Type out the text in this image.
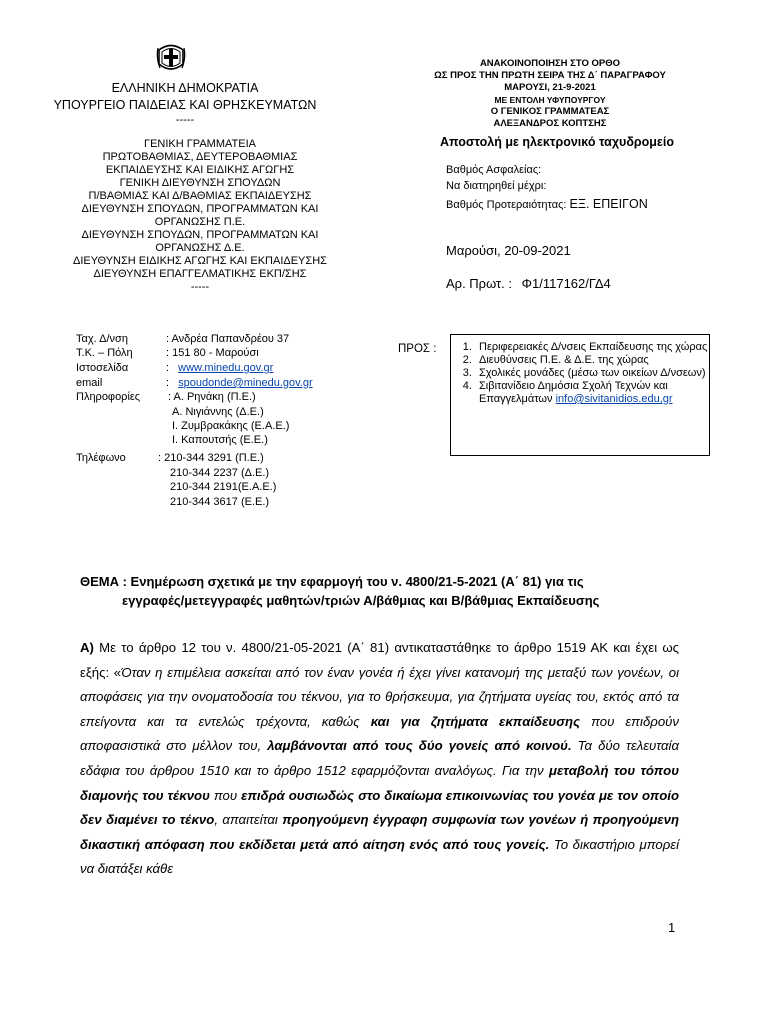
ΕΛΛΗΝΙΚΗ ΔΗΜΟΚΡΑΤΙΑ
ΥΠΟΥΡΓΕΙΟ ΠΑΙΔΕΙΑΣ ΚΑΙ ΘΡΗΣΚΕΥΜΑΤΩΝ
-----
ΓΕΝΙΚΗ ΓΡΑΜΜΑΤΕΙΑ
ΠΡΩΤΟΒΑΘΜΙΑΣ, ΔΕΥΤΕΡΟΒΑΘΜΙΑΣ
ΕΚΠΑΙΔΕΥΣΗΣ ΚΑΙ ΕΙΔΙΚΗΣ ΑΓΩΓΗΣ
ΓΕΝΙΚΗ ΔΙΕΥΘΥΝΣΗ ΣΠΟΥΔΩΝ
Π/ΒΑΘΜΙΑΣ ΚΑΙ Δ/ΒΑΘΜΙΑΣ ΕΚΠΑΙΔΕΥΣΗΣ
ΔΙΕΥΘΥΝΣΗ ΣΠΟΥΔΩΝ, ΠΡΟΓΡΑΜΜΑΤΩΝ ΚΑΙ
ΟΡΓΑΝΩΣΗΣ Π.Ε.
ΔΙΕΥΘΥΝΣΗ ΣΠΟΥΔΩΝ, ΠΡΟΓΡΑΜΜΑΤΩΝ ΚΑΙ
ΟΡΓΑΝΩΣΗΣ Δ.Ε.
ΔΙΕΥΘΥΝΣΗ ΕΙΔΙΚΗΣ ΑΓΩΓΗΣ ΚΑΙ ΕΚΠΑΙΔΕΥΣΗΣ
ΔΙΕΥΘΥΝΣΗ ΕΠΑΓΓΕΛΜΑΤΙΚΗΣ ΕΚΠ/ΣΗΣ
-----
ΑΝΑΚΟΙΝΟΠΟΙΗΣΗ ΣΤΟ ΟΡΘΟ
ΩΣ ΠΡΟΣ ΤΗΝ ΠΡΩΤΗ ΣΕΙΡΑ ΤΗΣ Δ΄ ΠΑΡΑΓΡΑΦΟΥ
ΜΑΡΟΥΣΙ, 21-9-2021
ΜΕ ΕΝΤΟΛΗ ΥΦΥΠΟΥΡΓΟΥ
Ο ΓΕΝΙΚΟΣ ΓΡΑΜΜΑΤΕΑΣ
ΑΛΕΞΑΝΔΡΟΣ ΚΟΠΤΣΗΣ
Αποστολή με ηλεκτρονικό ταχυδρομείο
Βαθμός Ασφαλείας:
Να διατηρηθεί μέχρι:
Βαθμός Προτεραιότητας: ΕΞ. ΕΠΕΙΓΟΝ
Μαρούσι, 20-09-2021
Αρ. Πρωτ. : Φ1/117162/ΓΔ4
Ταχ. Δ/νση	: Ανδρέα Παπανδρέου 37
Τ.Κ. – Πόλη	: 151 80 - Μαρούσι
Ιστοσελίδα	: www.minedu.gov.gr
email	: spoudonde@minedu.gov.gr
Πληροφορίες	: Α. Ρηνάκη (Π.Ε.)
Α. Νιγιάννης (Δ.Ε.)
Ι. Ζυμβρακάκης (Ε.Α.Ε.)
Ι. Καπουτσής (Ε.Ε.)
Τηλέφωνο	: 210-344 3291 (Π.Ε.)
210-344 2237 (Δ.Ε.)
210-344 2191(Ε.Α.Ε.)
210-344 3617 (Ε.Ε.)
ΠΡΟΣ :
1.	Περιφερειακές Δ/νσεις Εκπαίδευσης της χώρας
2. Διευθύνσεις Π.Ε. & Δ.Ε. της χώρας
3. Σχολικές μονάδες (μέσω των οικείων Δ/νσεων)
4. Σιβιτανίδειο Δημόσια Σχολή Τεχνών και Επαγγελμάτων info@sivitanidios.edu,gr
ΘΕΜΑ : Ενημέρωση σχετικά με την εφαρμογή του ν. 4800/21-5-2021 (Α΄ 81) για τις
εγγραφές/μετεγγραφές μαθητών/τριών Α/βάθμιας και Β/βάθμιας Εκπαίδευσης
Α) Με το άρθρο 12 του ν. 4800/21-05-2021 (Α΄ 81) αντικαταστάθηκε το άρθρο 1519 ΑΚ και έχει ως εξής: «Όταν η επιμέλεια ασκείται από τον έναν γονέα ή έχει γίνει κατανομή της μεταξύ των γονέων, οι αποφάσεις για την ονοματοδοσία του τέκνου, για το θρήσκευμα, για ζητήματα υγείας του, εκτός από τα επείγοντα και τα εντελώς τρέχοντα, καθώς και για ζητήματα εκπαίδευσης που επιδρούν αποφασιστικά στο μέλλον του, λαμβάνονται από τους δύο γονείς από κοινού. Τα δύο τελευταία εδάφια του άρθρου 1510 και το άρθρο 1512 εφαρμόζονται αναλόγως. Για την μεταβολή του τόπου διαμονής του τέκνου που επιδρά ουσιωδώς στο δικαίωμα επικοινωνίας του γονέα με τον οποίο δεν διαμένει το τέκνο, απαιτείται προηγούμενη έγγραφη συμφωνία των γονέων ή προηγούμενη δικαστική απόφαση που εκδίδεται μετά από αίτηση ενός από τους γονείς. Το δικαστήριο μπορεί να διατάξει κάθε
1
